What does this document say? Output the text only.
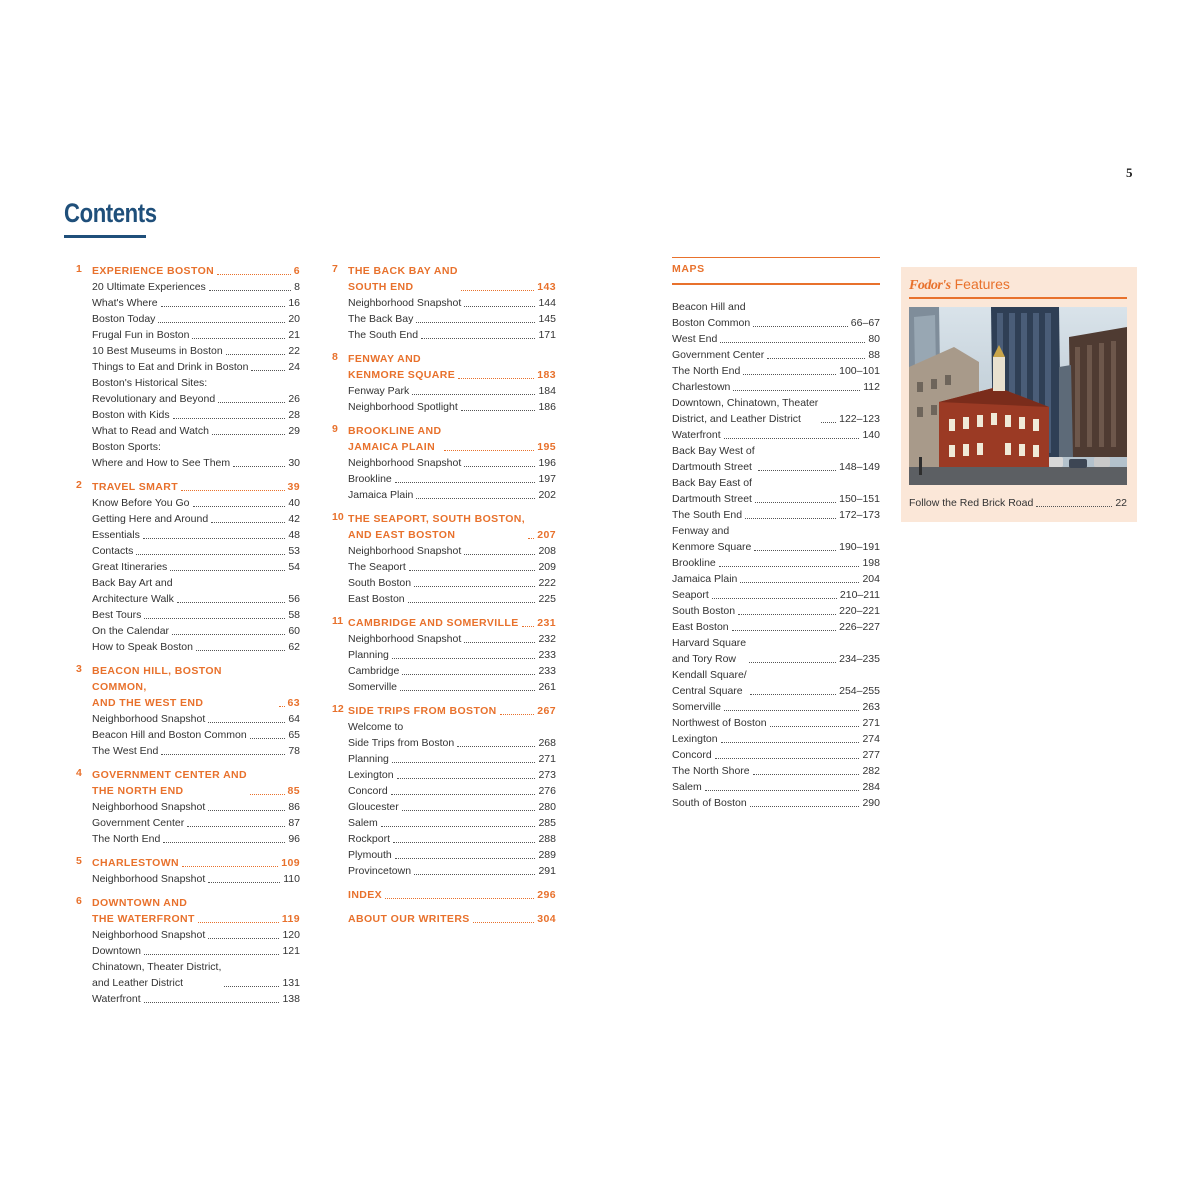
5
Contents
1 EXPERIENCE BOSTON	6
20 Ultimate Experiences	8
What's Where	16
Boston Today	20
Frugal Fun in Boston	21
10 Best Museums in Boston	22
Things to Eat and Drink in Boston	24
Boston's Historical Sites:
Revolutionary and Beyond	26
Boston with Kids	28
What to Read and Watch	29
Boston Sports:
Where and How to See Them	30
2 TRAVEL SMART	39
Know Before You Go	40
Getting Here and Around	42
Essentials	48
Contacts	53
Great Itineraries	54
Back Bay Art and
Architecture Walk	56
Best Tours	58
On the Calendar	60
How to Speak Boston	62
3 BEACON HILL, BOSTON COMMON,
AND THE WEST END	63
Neighborhood Snapshot	64
Beacon Hill and Boston Common	65
The West End	78
4 GOVERNMENT CENTER AND
THE NORTH END	85
Neighborhood Snapshot	86
Government Center	87
The North End	96
5 CHARLESTOWN	109
Neighborhood Snapshot	110
6 DOWNTOWN AND
THE WATERFRONT	119
Neighborhood Snapshot	120
Downtown	121
Chinatown, Theater District,
and Leather District	131
Waterfront	138
7 THE BACK BAY AND
SOUTH END	143
Neighborhood Snapshot	144
The Back Bay	145
The South End	171
8 FENWAY AND
KENMORE SQUARE	183
Fenway Park	184
Neighborhood Spotlight	186
9 BROOKLINE AND
JAMAICA PLAIN	195
Neighborhood Snapshot	196
Brookline	197
Jamaica Plain	202
10 THE SEAPORT, SOUTH BOSTON,
AND EAST BOSTON	207
Neighborhood Snapshot	208
The Seaport	209
South Boston	222
East Boston	225
11 CAMBRIDGE AND SOMERVILLE 231
Neighborhood Snapshot	232
Planning	233
Cambridge	233
Somerville	261
12 SIDE TRIPS FROM BOSTON	267
Welcome to
Side Trips from Boston	268
Planning	271
Lexington	273
Concord	276
Gloucester	280
Salem	285
Rockport	288
Plymouth	289
Provincetown	291
INDEX	296
ABOUT OUR WRITERS	304
MAPS
Beacon Hill and
Boston Common	66–67
West End	80
Government Center	88
The North End	100–101
Charlestown	112
Downtown, Chinatown, Theater
District, and Leather District	122–123
Waterfront	140
Back Bay West of
Dartmouth Street	148–149
Back Bay East of
Dartmouth Street	150–151
The South End	172–173
Fenway and
Kenmore Square	190–191
Brookline	198
Jamaica Plain	204
Seaport	210–211
South Boston	220–221
East Boston	226–227
Harvard Square
and Tory Row	234–235
Kendall Square/
Central Square	254–255
Somerville	263
Northwest of Boston	271
Lexington	274
Concord	277
The North Shore	282
Salem	284
South of Boston	290
Fodor's Features
Follow the Red Brick Road	22
